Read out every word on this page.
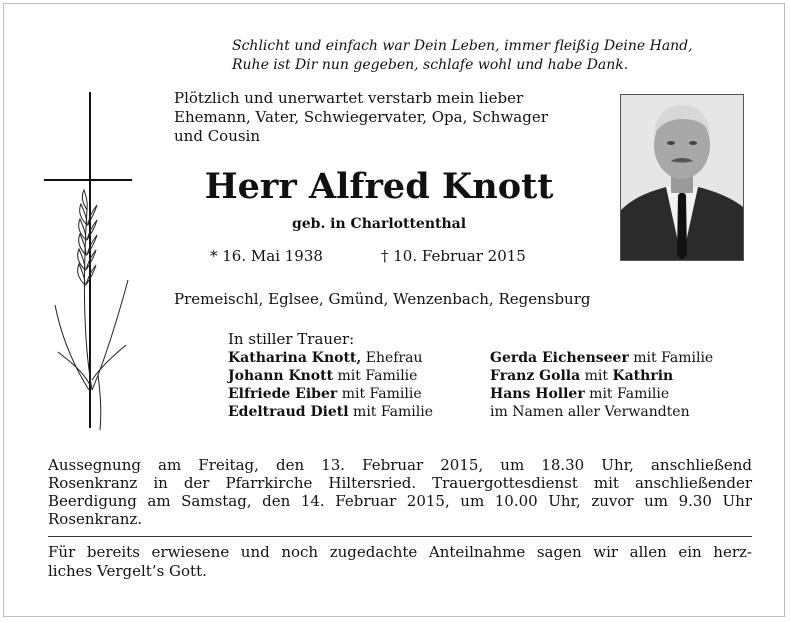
Schlicht und einfach war Dein Leben, immer fleißig Deine Hand,
Ruhe ist Dir nun gegeben, schlafe wohl und habe Dank.
Plötzlich und unerwartet verstarb mein lieber
Ehemann, Vater, Schwiegervater, Opa, Schwager
und Cousin
Herr Alfred Knott
geb. in Charlottenthal
* 16. Mai 1938	† 10. Februar 2015
Premeischl, Eglsee, Gmünd, Wenzenbach, Regensburg
In stiller Trauer:
Katharina Knott, Ehefrau
Johann Knott mit Familie
Elfriede Eiber mit Familie
Edeltraud Dietl mit Familie
Gerda Eichenseer mit Familie
Franz Golla mit Kathrin
Hans Holler mit Familie
im Namen aller Verwandten
Aussegnung am Freitag, den 13. Februar 2015, um 18.30 Uhr, anschließend
Rosenkranz in der Pfarrkirche Hiltersried. Trauergottesdienst mit anschließender
Beerdigung am Samstag, den 14. Februar 2015, um 10.00 Uhr, zuvor um 9.30 Uhr
Rosenkranz.
Für bereits erwiesene und noch zugedachte Anteilnahme sagen wir allen ein herz-
liches Vergelt’s Gott.
